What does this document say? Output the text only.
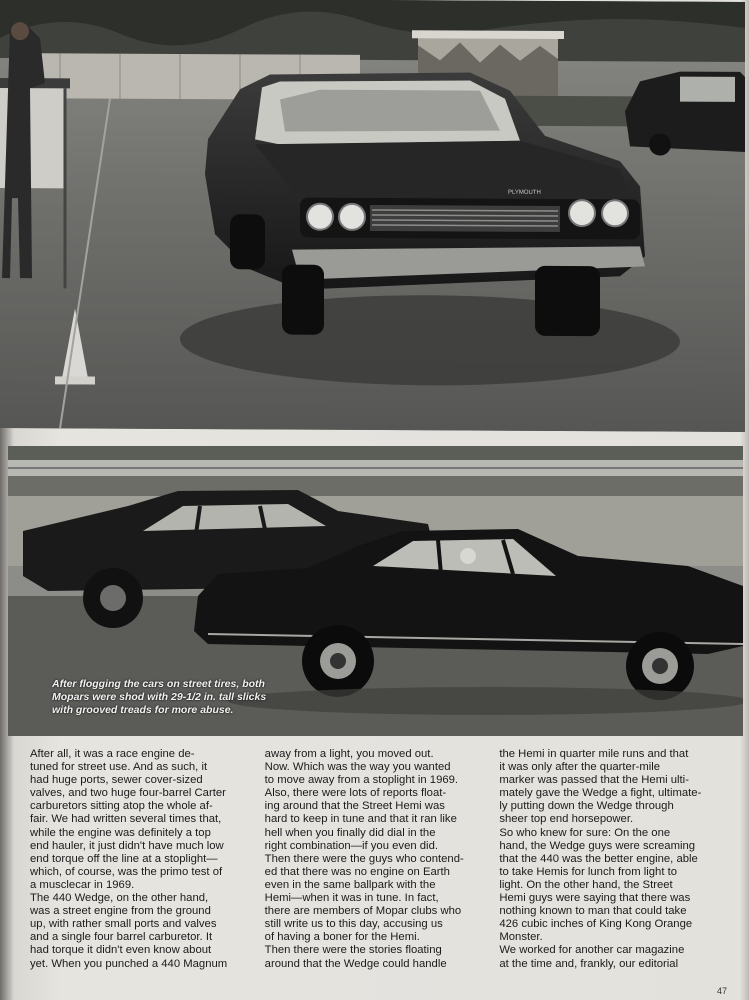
PLYMOUTH
After flogging the cars on street tires, both Mopars were shod with 29-1/2 in. tall slicks with grooved treads for more abuse.

After all, it was a race engine de-
tuned for street use. And as such, it
had huge ports, sewer cover-sized
valves, and two huge four-barrel Carter
carburetors sitting atop the whole af-
fair. We had written several times that,
while the engine was definitely a top
end hauler, it just didn't have much low
end torque off the line at a stoplight—
which, of course, was the primo test of
a musclecar in 1969.
The 440 Wedge, on the other hand,
was a street engine from the ground
up, with rather small ports and valves
and a single four barrel carburetor. It
had torque it didn't even know about
yet. When you punched a 440 Magnum

away from a light, you moved out.
Now. Which was the way you wanted
to move away from a stoplight in 1969.
Also, there were lots of reports float-
ing around that the Street Hemi was
hard to keep in tune and that it ran like
hell when you finally did dial in the
right combination—if you even did.
Then there were the guys who contend-
ed that there was no engine on Earth
even in the same ballpark with the
Hemi—when it was in tune. In fact,
there are members of Mopar clubs who
still write us to this day, accusing us
of having a boner for the Hemi.
Then there were the stories floating
around that the Wedge could handle

the Hemi in quarter mile runs and that
it was only after the quarter-mile
marker was passed that the Hemi ulti-
mately gave the Wedge a fight, ultimate-
ly putting down the Wedge through
sheer top end horsepower.
So who knew for sure: On the one
hand, the Wedge guys were screaming
that the 440 was the better engine, able
to take Hemis for lunch from light to
light. On the other hand, the Street
Hemi guys were saying that there was
nothing known to man that could take
426 cubic inches of King Kong Orange
Monster.
We worked for another car magazine
at the time and, frankly, our editorial

47
